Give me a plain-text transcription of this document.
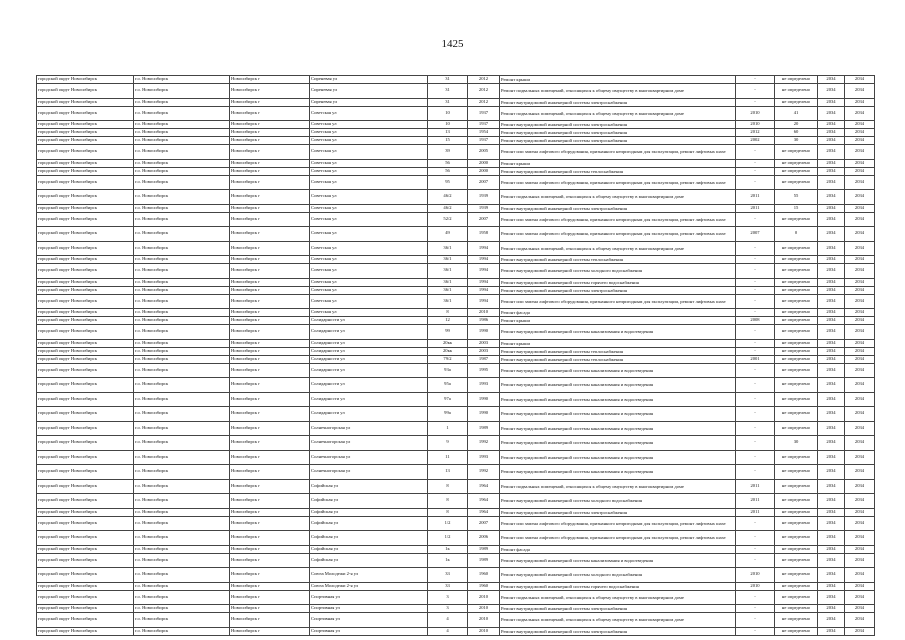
1425
городской округ Новосибирск	г.о. Новосибирск	Новосибирск г	Сиреневая ул	31	2012	Ремонт крыши	-	не определено	2034	2034
городской округ Новосибирск	г.о. Новосибирск	Новосибирск г	Сиреневая ул	31	2012	Ремонт подвальных помещений, относящихся к общему имуществу в многоквартирном доме	-	не определено	2034	2034
городской округ Новосибирск	г.о. Новосибирск	Новосибирск г	Сиреневая ул	31	2012	Ремонт внутридомовой инженерной системы электроснабжения	-	не определено	2034	2034
городской округ Новосибирск	г.о. Новосибирск	Новосибирск г	Советская ул	10	1937	Ремонт подвальных помещений, относящихся к общему имуществу в многоквартирном доме	2010	41	2034	2034
городской округ Новосибирск	г.о. Новосибирск	Новосибирск г	Советская ул	10	1937	Ремонт внутридомовой инженерной системы электроснабжения	2010	20	2034	2034
городской округ Новосибирск	г.о. Новосибирск	Новосибирск г	Советская ул	13	1954	Ремонт внутридомовой инженерной системы электроснабжения	2012	60	2034	2034
городской округ Новосибирск	г.о. Новосибирск	Новосибирск г	Советская ул	15	1937	Ремонт внутридомовой инженерной системы электроснабжения	2002	30	2034	2034
городской округ Новосибирск	г.о. Новосибирск	Новосибирск г	Советская ул	39	2005	Ремонт или замена лифтового оборудования, признанного непригодным для эксплуатации, ремонт лифтовых шахт	-	не определено	2034	2034
городской округ Новосибирск	г.о. Новосибирск	Новосибирск г	Советская ул	56	2000	Ремонт крыши	-	не определено	2034	2034
городской округ Новосибирск	г.о. Новосибирск	Новосибирск г	Советская ул	56	2000	Ремонт внутридомовой инженерной системы теплоснабжения	-	не определено	2034	2034
городской округ Новосибирск	г.о. Новосибирск	Новосибирск г	Советская ул	95	2007	Ремонт или замена лифтового оборудования, признанного непригодным для эксплуатации, ремонт лифтовых шахт	-	не определено	2034	2034
городской округ Новосибирск	г.о. Новосибирск	Новосибирск г	Советская ул	46/2	1939	Ремонт подвальных помещений, относящихся к общему имуществу в многоквартирном доме	2011	55	2034	2034
городской округ Новосибирск	г.о. Новосибирск	Новосибирск г	Советская ул	46/2	1939	Ремонт внутридомовой инженерной системы электроснабжения	2011	15	2034	2034
городской округ Новосибирск	г.о. Новосибирск	Новосибирск г	Советская ул	52/2	2007	Ремонт или замена лифтового оборудования, признанного непригодным для эксплуатации, ремонт лифтовых шахт	-	не определено	2034	2034
городской округ Новосибирск	г.о. Новосибирск	Новосибирск г	Советская ул	49	1958	Ремонт или замена лифтового оборудования, признанного непригодным для эксплуатации, ремонт лифтовых шахт	2007	0	2034	2034
городской округ Новосибирск	г.о. Новосибирск	Новосибирск г	Советская ул	36/1	1994	Ремонт подвальных помещений, относящихся к общему имуществу в многоквартирном доме	-	не определено	2034	2034
городской округ Новосибирск	г.о. Новосибирск	Новосибирск г	Советская ул	36/1	1994	Ремонт внутридомовой инженерной системы теплоснабжения	-	не определено	2034	2034
городской округ Новосибирск	г.о. Новосибирск	Новосибирск г	Советская ул	36/1	1994	Ремонт внутридомовой инженерной системы холодного водоснабжения	-	не определено	2034	2034
городской округ Новосибирск	г.о. Новосибирск	Новосибирск г	Советская ул	36/1	1994	Ремонт внутридомовой инженерной системы горячего водоснабжения	-	не определено	2034	2034
городской округ Новосибирск	г.о. Новосибирск	Новосибирск г	Советская ул	36/1	1994	Ремонт внутридомовой инженерной системы электроснабжения	-	не определено	2034	2034
городской округ Новосибирск	г.о. Новосибирск	Новосибирск г	Советская ул	36/1	1994	Ремонт или замена лифтового оборудования, признанного непригодным для эксплуатации, ремонт лифтовых шахт	-	не определено	2034	2034
городской округ Новосибирск	г.о. Новосибирск	Новосибирск г	Советская ул	8	2010	Ремонт фасада	-	не определено	2034	2034
городской округ Новосибирск	г.о. Новосибирск	Новосибирск г	Солидарности ул	12	1986	Ремонт крыши	2008	не определено	2034	2034
городской округ Новосибирск	г.о. Новосибирск	Новосибирск г	Солидарности ул	99	1990	Ремонт внутридомовой инженерной системы канализования и водоотведения	-	не определено	2034	2034
городской округ Новосибирск	г.о. Новосибирск	Новосибирск г	Солидарности ул	20кк	2003	Ремонт крыши	-	не определено	2034	2034
городской округ Новосибирск	г.о. Новосибирск	Новосибирск г	Солидарности ул	20кк	2003	Ремонт внутридомовой инженерной системы теплоснабжения	-	не определено	2034	2034
городской округ Новосибирск	г.о. Новосибирск	Новосибирск г	Солидарности ул	79/2	1987	Ремонт внутридомовой инженерной системы теплоснабжения	2001	не определено	2034	2034
городской округ Новосибирск	г.о. Новосибирск	Новосибирск г	Солидарности ул	93а	1995	Ремонт внутридомовой инженерной системы канализования и водоотведения	-	не определено	2034	2034
городской округ Новосибирск	г.о. Новосибирск	Новосибирск г	Солидарности ул	95а	1993	Ремонт внутридомовой инженерной системы канализования и водоотведения	-	не определено	2034	2034
городской округ Новосибирск	г.о. Новосибирск	Новосибирск г	Солидарности ул	97а	1990	Ремонт внутридомовой инженерной системы канализования и водоотведения	-	не определено	2034	2034
городской округ Новосибирск	г.о. Новосибирск	Новосибирск г	Солидарности ул	99а	1990	Ремонт внутридомовой инженерной системы канализования и водоотведения	-	не определено	2034	2034
городской округ Новосибирск	г.о. Новосибирск	Новосибирск г	Солнечногорская ул	1	1989	Ремонт внутридомовой инженерной системы канализования и водоотведения	-	не определено	2034	2034
городской округ Новосибирск	г.о. Новосибирск	Новосибирск г	Солнечногорская ул	9	1992	Ремонт внутридомовой инженерной системы канализования и водоотведения	-	30	2034	2034
городской округ Новосибирск	г.о. Новосибирск	Новосибирск г	Солнечногорская ул	11	1993	Ремонт внутридомовой инженерной системы канализования и водоотведения	-	не определено	2034	2034
городской округ Новосибирск	г.о. Новосибирск	Новосибирск г	Солнечногорская ул	13	1992	Ремонт внутридомовой инженерной системы канализования и водоотведения	-	не определено	2034	2034
городской округ Новосибирск	г.о. Новосибирск	Новосибирск г	Софийская ул	8	1964	Ремонт подвальных помещений, относящихся к общему имуществу в многоквартирном доме	2011	не определено	2034	2034
городской округ Новосибирск	г.о. Новосибирск	Новосибирск г	Софийская ул	8	1964	Ремонт внутридомовой инженерной системы холодного водоснабжения	2011	не определено	2034	2034
городской округ Новосибирск	г.о. Новосибирск	Новосибирск г	Софийская ул	8	1964	Ремонт внутридомовой инженерной системы электроснабжения	2011	не определено	2034	2034
городской округ Новосибирск	г.о. Новосибирск	Новосибирск г	Софийская ул	1/2	2007	Ремонт или замена лифтового оборудования, признанного непригодным для эксплуатации, ремонт лифтовых шахт	-	не определено	2034	2034
городской округ Новосибирск	г.о. Новосибирск	Новосибирск г	Софийская ул	1/2	2006	Ремонт или замена лифтового оборудования, признанного непригодным для эксплуатации, ремонт лифтовых шахт	-	не определено	2034	2034
городской округ Новосибирск	г.о. Новосибирск	Новосибирск г	Софийская ул	1к	1989	Ремонт фасада	-	не определено	2034	2034
городской округ Новосибирск	г.о. Новосибирск	Новосибирск г	Софийская ул	1к	1989	Ремонт внутридомовой инженерной системы канализования и водоотведения	-	не определено	2034	2034
городской округ Новосибирск	г.о. Новосибирск	Новосибирск г	Союза Молодежи 2-я ул	33	1960	Ремонт внутридомовой инженерной системы холодного водоснабжения	2010	не определено	2034	2034
городской округ Новосибирск	г.о. Новосибирск	Новосибирск г	Союза Молодежи 2-я ул	33	1960	Ремонт внутридомовой инженерной системы горячего водоснабжения	2010	не определено	2034	2034
городской округ Новосибирск	г.о. Новосибирск	Новосибирск г	Спортивная ул	3	2010	Ремонт подвальных помещений, относящихся к общему имуществу в многоквартирном доме	-	не определено	2034	2034
городской округ Новосибирск	г.о. Новосибирск	Новосибирск г	Спортивная ул	3	2010	Ремонт внутридомовой инженерной системы электроснабжения	-	не определено	2034	2034
городской округ Новосибирск	г.о. Новосибирск	Новосибирск г	Спортивная ул	4	2010	Ремонт подвальных помещений, относящихся к общему имуществу в многоквартирном доме	-	не определено	2034	2034
городской округ Новосибирск	г.о. Новосибирск	Новосибирск г	Спортивная ул	4	2010	Ремонт внутридомовой инженерной системы электроснабжения	-	не определено	2034	2034
